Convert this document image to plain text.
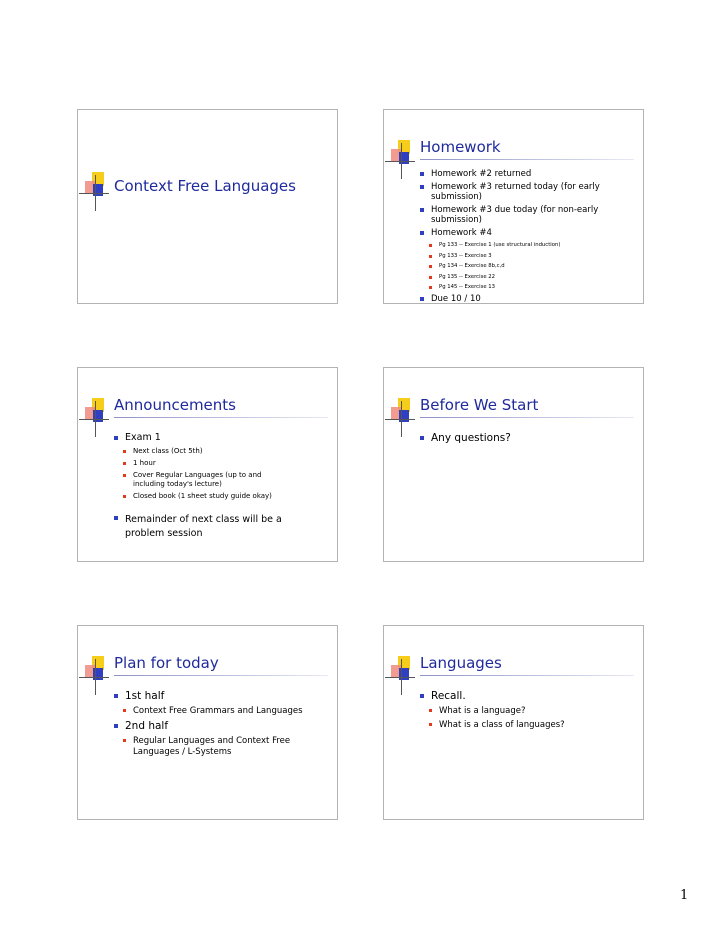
Context Free Languages
Homework
Homework #2 returned
Homework #3 returned today (for early submission)
Homework #3 due today (for non-early submission)
Homework #4
Pg 133 -- Exercise 1 (use structural induction)
Pg 133 -- Exercise 3
Pg 134 -- Exercise 8b,c,d
Pg 135 -- Exercise 22
Pg 145 -- Exercise 13
Due 10 / 10
Announcements
Exam 1
Next class (Oct 5th)
1 hour
Cover Regular Languages (up to and including today's lecture)
Closed book (1 sheet study guide okay)
Remainder of next class will be a problem session
Before We Start
Any questions?
Plan for today
1st half
Context Free Grammars and Languages
2nd half
Regular Languages and Context Free Languages / L-Systems
Languages
Recall.
What is a language?
What is a class of languages?
1
